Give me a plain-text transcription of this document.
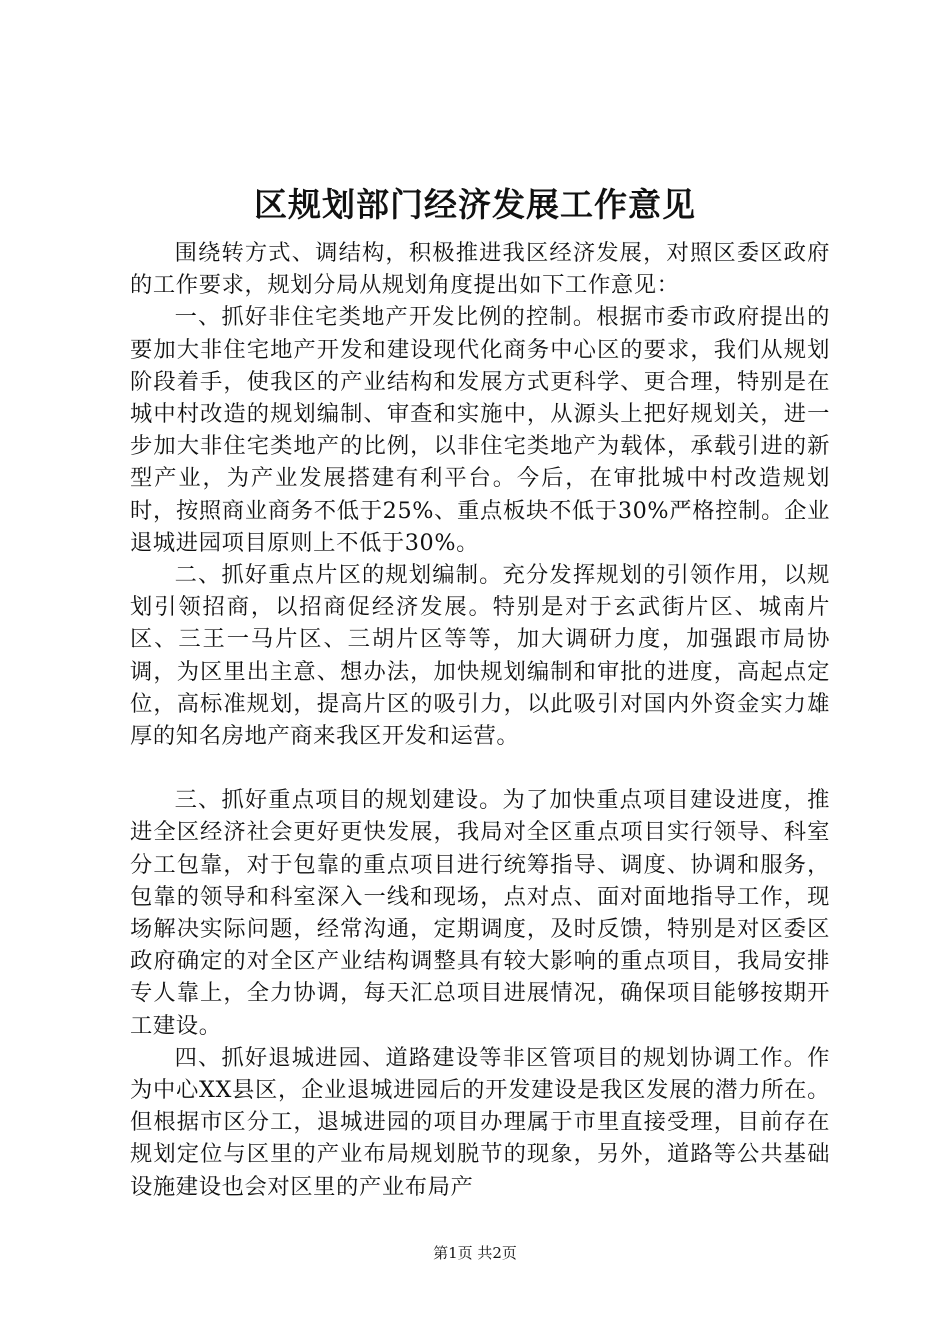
区规划部门经济发展工作意见

围绕转方式、调结构，积极推进我区经济发展，对照区委区政府的工作要求，规划分局从规划角度提出如下工作意见：

一、抓好非住宅类地产开发比例的控制。根据市委市政府提出的要加大非住宅地产开发和建设现代化商务中心区的要求，我们从规划阶段着手，使我区的产业结构和发展方式更科学、更合理，特别是在城中村改造的规划编制、审查和实施中，从源头上把好规划关，进一步加大非住宅类地产的比例，以非住宅类地产为载体，承载引进的新型产业，为产业发展搭建有利平台。今后，在审批城中村改造规划时，按照商业商务不低于25%、重点板块不低于30%严格控制。企业退城进园项目原则上不低于30%。

二、抓好重点片区的规划编制。充分发挥规划的引领作用，以规划引领招商，以招商促经济发展。特别是对于玄武街片区、城南片区、三王一马片区、三胡片区等等，加大调研力度，加强跟市局协调，为区里出主意、想办法，加快规划编制和审批的进度，高起点定位，高标准规划，提高片区的吸引力，以此吸引对国内外资金实力雄厚的知名房地产商来我区开发和运营。

三、抓好重点项目的规划建设。为了加快重点项目建设进度，推进全区经济社会更好更快发展，我局对全区重点项目实行领导、科室分工包靠，对于包靠的重点项目进行统筹指导、调度、协调和服务，包靠的领导和科室深入一线和现场，点对点、面对面地指导工作，现场解决实际问题，经常沟通，定期调度，及时反馈，特别是对区委区政府确定的对全区产业结构调整具有较大影响的重点项目，我局安排专人靠上，全力协调，每天汇总项目进展情况，确保项目能够按期开工建设。

四、抓好退城进园、道路建设等非区管项目的规划协调工作。作为中心XX县区，企业退城进园后的开发建设是我区发展的潜力所在。但根据市区分工，退城进园的项目办理属于市里直接受理，目前存在规划定位与区里的产业布局规划脱节的现象，另外，道路等公共基础设施建设也会对区里的产业布局产

第1页 共2页
